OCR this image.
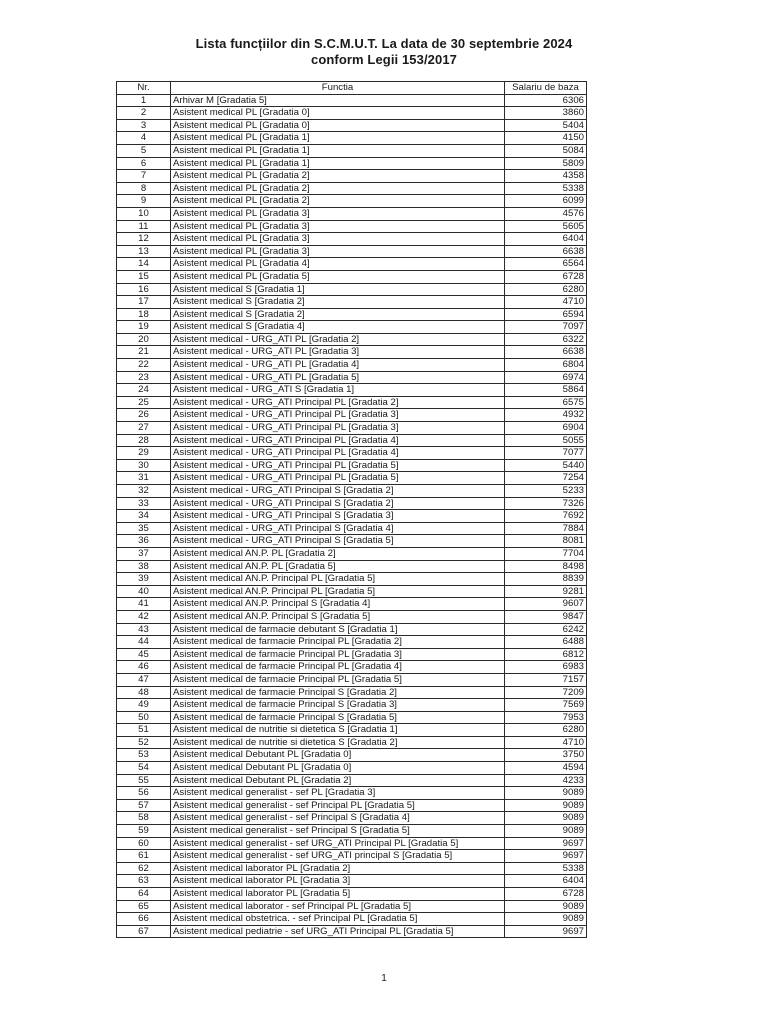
Lista funcțiilor din S.C.M.U.T. La data de 30 septembrie 2024
conform Legii 153/2017
Nr.	Functia	Salariu de baza
1	Arhivar M [Gradatia 5]	6306
2	Asistent medical PL [Gradatia 0]	3860
3	Asistent medical PL [Gradatia 0]	5404
4	Asistent medical PL [Gradatia 1]	4150
5	Asistent medical PL [Gradatia 1]	5084
6	Asistent medical PL [Gradatia 1]	5809
7	Asistent medical PL [Gradatia 2]	4358
8	Asistent medical PL [Gradatia 2]	5338
9	Asistent medical PL [Gradatia 2]	6099
10	Asistent medical PL [Gradatia 3]	4576
11	Asistent medical PL [Gradatia 3]	5605
12	Asistent medical PL [Gradatia 3]	6404
13	Asistent medical PL [Gradatia 3]	6638
14	Asistent medical PL [Gradatia 4]	6564
15	Asistent medical PL [Gradatia 5]	6728
16	Asistent medical S [Gradatia 1]	6280
17	Asistent medical S [Gradatia 2]	4710
18	Asistent medical S [Gradatia 2]	6594
19	Asistent medical S [Gradatia 4]	7097
20	Asistent medical - URG_ATI PL [Gradatia 2]	6322
21	Asistent medical - URG_ATI PL [Gradatia 3]	6638
22	Asistent medical - URG_ATI PL [Gradatia 4]	6804
23	Asistent medical - URG_ATI PL [Gradatia 5]	6974
24	Asistent medical - URG_ATI S [Gradatia 1]	5864
25	Asistent medical - URG_ATI Principal PL [Gradatia 2]	6575
26	Asistent medical - URG_ATI Principal PL [Gradatia 3]	4932
27	Asistent medical - URG_ATI Principal PL [Gradatia 3]	6904
28	Asistent medical - URG_ATI Principal PL [Gradatia 4]	5055
29	Asistent medical - URG_ATI Principal PL [Gradatia 4]	7077
30	Asistent medical - URG_ATI Principal PL [Gradatia 5]	5440
31	Asistent medical - URG_ATI Principal PL [Gradatia 5]	7254
32	Asistent medical - URG_ATI Principal S [Gradatia 2]	5233
33	Asistent medical - URG_ATI Principal S [Gradatia 2]	7326
34	Asistent medical - URG_ATI Principal S [Gradatia 3]	7692
35	Asistent medical - URG_ATI Principal S [Gradatia 4]	7884
36	Asistent medical - URG_ATI Principal S [Gradatia 5]	8081
37	Asistent medical AN.P. PL [Gradatia 2]	7704
38	Asistent medical AN.P. PL [Gradatia 5]	8498
39	Asistent medical AN.P. Principal PL [Gradatia 5]	8839
40	Asistent medical AN.P. Principal PL [Gradatia 5]	9281
41	Asistent medical AN.P. Principal S [Gradatia 4]	9607
42	Asistent medical AN.P. Principal S [Gradatia 5]	9847
43	Asistent medical de farmacie debutant S [Gradatia 1]	6242
44	Asistent medical de farmacie Principal PL [Gradatia 2]	6488
45	Asistent medical de farmacie Principal PL [Gradatia 3]	6812
46	Asistent medical de farmacie Principal PL [Gradatia 4]	6983
47	Asistent medical de farmacie Principal PL [Gradatia 5]	7157
48	Asistent medical de farmacie Principal S [Gradatia 2]	7209
49	Asistent medical de farmacie Principal S [Gradatia 3]	7569
50	Asistent medical de farmacie Principal S [Gradatia 5]	7953
51	Asistent medical de nutritie si dietetica S [Gradatia 1]	6280
52	Asistent medical de nutritie si dietetica S [Gradatia 2]	4710
53	Asistent medical Debutant PL [Gradatia 0]	3750
54	Asistent medical Debutant PL [Gradatia 0]	4594
55	Asistent medical Debutant PL [Gradatia 2]	4233
56	Asistent medical generalist - sef PL [Gradatia 3]	9089
57	Asistent medical generalist - sef Principal PL [Gradatia 5]	9089
58	Asistent medical generalist - sef Principal S [Gradatia 4]	9089
59	Asistent medical generalist - sef Principal S [Gradatia 5]	9089
60	Asistent medical generalist - sef URG_ATI Principal PL [Gradatia 5]	9697
61	Asistent medical generalist - sef URG_ATI principal S [Gradatia 5]	9697
62	Asistent medical laborator PL [Gradatia 2]	5338
63	Asistent medical laborator PL [Gradatia 3]	6404
64	Asistent medical laborator PL [Gradatia 5]	6728
65	Asistent medical laborator - sef Principal PL [Gradatia 5]	9089
66	Asistent medical obstetrica. - sef Principal PL [Gradatia 5]	9089
67	Asistent medical pediatrie - sef URG_ATI Principal PL [Gradatia 5]	9697
1
